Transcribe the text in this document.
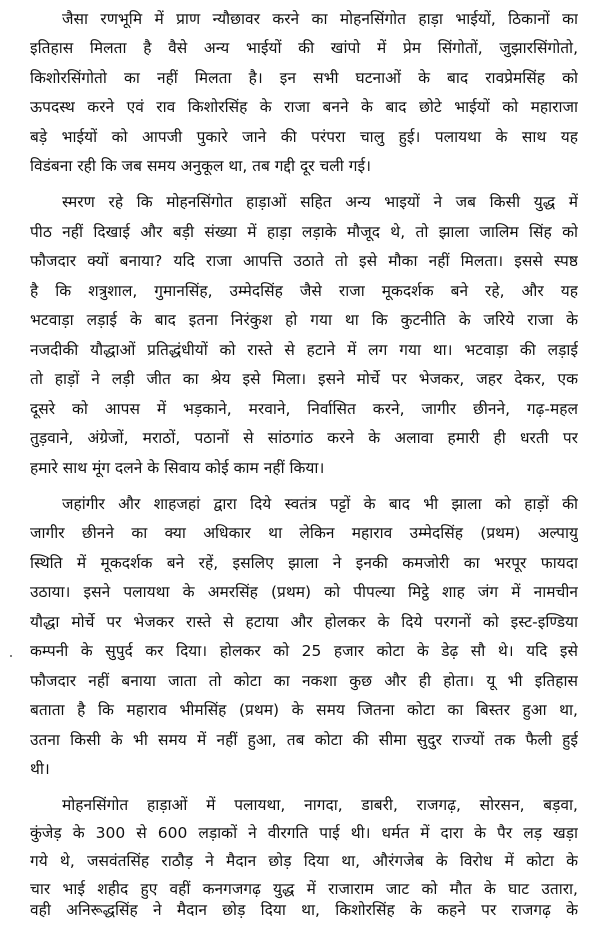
जैसा रणभूमि में प्राण न्यौछावर करने का मोहनसिंगोत हाड़ा भाईयों, ठिकानों का
इतिहास मिलता है वैसे अन्य भाईयों की खांपो में प्रेम सिंगोतों, जुझारसिंगोतो,
किशोरसिंगोतो का नहीं मिलता है। इन सभी घटनाओं के बाद रावप्रेमसिंह को
ऊपदस्थ करने एवं राव किशोरसिंह के राजा बनने के बाद छोटे भाईयों को महाराजा
बड़े भाईयों को आपजी पुकारे जाने की परंपरा चालु हुई। पलायथा के साथ यह
विडंबना रही कि जब समय अनुकूल था, तब गद्दी दूर चली गई।
स्मरण रहे कि मोहनसिंगोत हाड़ाओं सहित अन्य भाइयों ने जब किसी युद्ध में
पीठ नहीं दिखाई और बड़ी संख्या में हाड़ा लड़ाके मौजूद थे, तो झाला जालिम सिंह को
फौजदार क्यों बनाया? यदि राजा आपत्ति उठाते तो इसे मौका नहीं मिलता। इससे स्पष्ठ
है कि शत्रुशाल, गुमानसिंह, उम्मेदसिंह जैसे राजा मूकदर्शक बने रहे, और यह
भटवाड़ा लड़ाई के बाद इतना निरंकुश हो गया था कि कुटनीति के जरिये राजा के
नजदीकी यौद्धाओं प्रतिद्धंधीयों को रास्ते से हटाने में लग गया था। भटवाड़ा की लड़ाई
तो हाड़ों ने लड़ी जीत का श्रेय इसे मिला। इसने मोर्चे पर भेजकर, जहर देकर, एक
दूसरे को आपस में भड़काने, मरवाने, निर्वासित करने, जागीर छीनने, गढ़-महल
तुड़वाने, अंग्रेजों, मराठों, पठानों से सांठगांठ करने के अलावा हमारी ही धरती पर
हमारे साथ मूंग दलने के सिवाय कोई काम नहीं किया।
जहांगीर और शाहजहां द्वारा दिये स्वतंत्र पट्टों के बाद भी झाला को हाड़ों की
जागीर छीनने का क्या अधिकार था लेकिन महाराव उम्मेदसिंह (प्रथम) अल्पायु
स्थिति में मूकदर्शक बने रहें, इसलिए झाला ने इनकी कमजोरी का भरपूर फायदा
उठाया। इसने पलायथा के अमरसिंह (प्रथम) को पीपल्या मिट्ठे शाह जंग में नामचीन
यौद्धा मोर्चे पर भेजकर रास्ते से हटाया और होलकर के दिये परगनों को इस्ट-इण्डिया
कम्पनी के सुपुर्द कर दिया। होलकर को 25 हजार कोटा के डेढ़ सौ थे। यदि इसे
फौजदार नहीं बनाया जाता तो कोटा का नकशा कुछ और ही होता। यू भी इतिहास
बताता है कि महाराव भीमसिंह (प्रथम) के समय जितना कोटा का बिस्तर हुआ था,
उतना किसी के भी समय में नहीं हुआ, तब कोटा की सीमा सुदुर राज्यों तक फैली हुई
थी।
मोहनसिंगोत हाड़ाओं में पलायथा, नागदा, डाबरी, राजगढ़, सोरसन, बड़वा,
कुंजेड़ के 300 से 600 लड़ाकों ने वीरगति पाई थी। धर्मत में दारा के पैर लड़ खड़ा
गये थे, जसवंतसिंह राठौड़ ने मैदान छोड़ दिया था, औरंगजेब के विरोध में कोटा के
चार भाई शहीद हुए वहीं कनगजगढ़ युद्ध में राजाराम जाट को मौत के घाट उतारा,
वही अनिरूद्धसिंह ने मैदान छोड़ दिया था, किशोरसिंह के कहने पर राजगढ़ के
